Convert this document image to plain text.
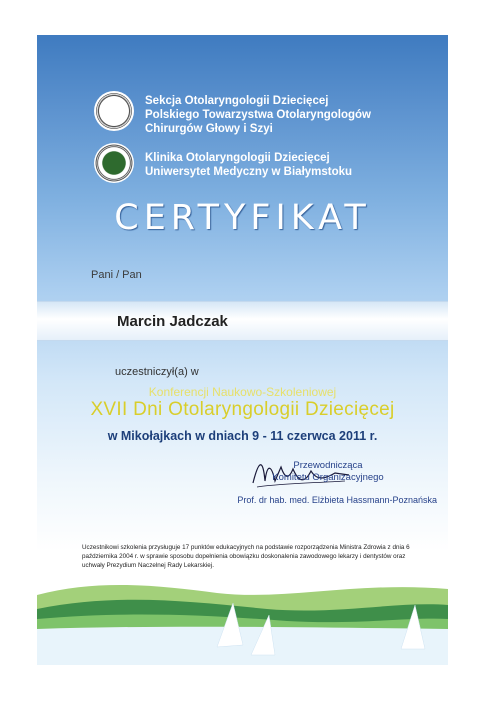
Sekcja Otolaryngologii Dziecięcej
Polskiego Towarzystwa Otolaryngologów
Chirurgów Głowy i Szyi
Klinika Otolaryngologii Dziecięcej
Uniwersytet Medyczny w Białymstoku
CERTYFIKAT
Pani / Pan
Marcin Jadczak
uczestniczył(a) w
Konferencji Naukowo-Szkoleniowej
XVII Dni Otolaryngologii Dziecięcej
w Mikołajkach w dniach 9 - 11 czerwca 2011 r.
Przewodnicząca
Komitetu Organizacyjnego
Prof. dr hab. med. Elżbieta Hassmann-Poznańska
Uczestnikowi szkolenia przysługuje 17 punktów edukacyjnych na podstawie rozporządzenia Ministra Zdrowia z dnia 6 października 2004 r. w sprawie sposobu dopełnienia obowiązku doskonalenia zawodowego lekarzy i dentystów oraz uchwały Prezydium Naczelnej Rady Lekarskiej.
